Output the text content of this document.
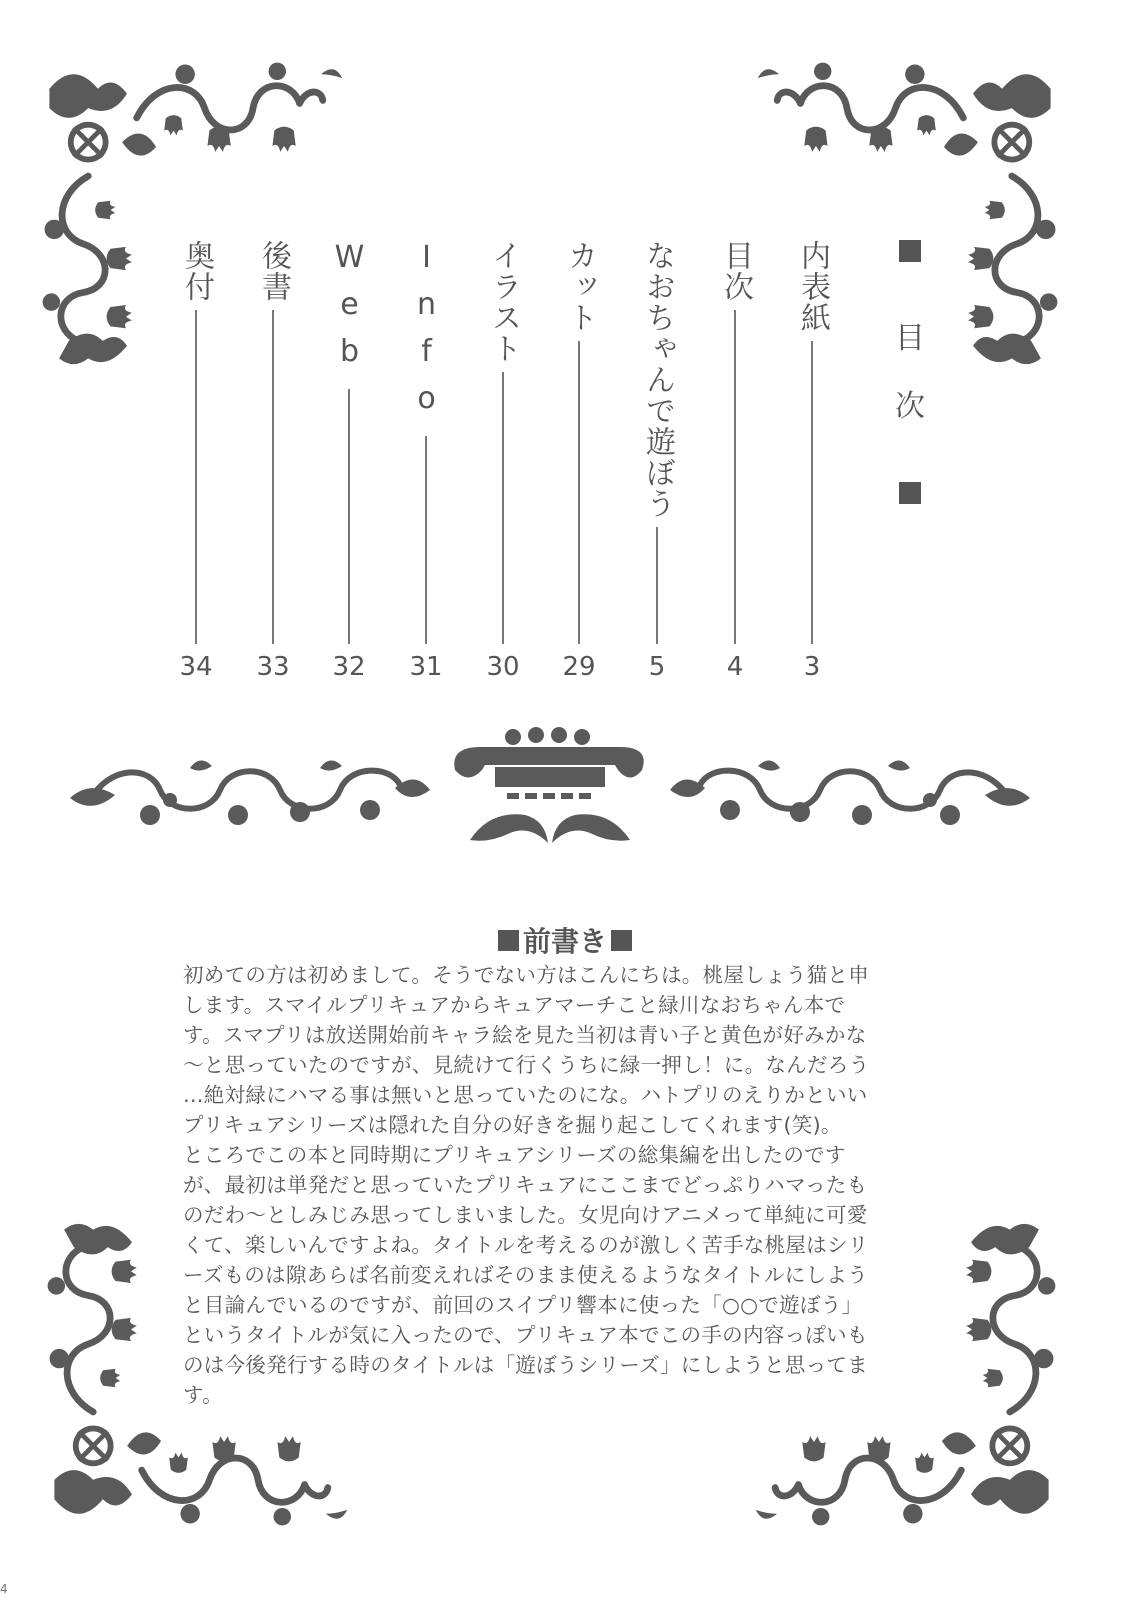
目
次
内表紙
3
目次
4
なおちゃんで遊ぼう
5
カット
29
イラスト
30
Info
31
Web
32
後書
33
奥付
34
前書き
初めての方は初めまして。そうでない方はこんにちは。桃屋しょう猫と申
します。スマイルプリキュアからキュアマーチこと緑川なおちゃん本で
す。スマプリは放送開始前キャラ絵を見た当初は青い子と黄色が好みかな
～と思っていたのですが、見続けて行くうちに緑一押し！に。なんだろう
…絶対緑にハマる事は無いと思っていたのにな。ハトプリのえりかといい
プリキュアシリーズは隠れた自分の好きを掘り起こしてくれます(笑)。
ところでこの本と同時期にプリキュアシリーズの総集編を出したのです
が、最初は単発だと思っていたプリキュアにここまでどっぷりハマったも
のだわ～としみじみ思ってしまいました。女児向けアニメって単純に可愛
くて、楽しいんですよね。タイトルを考えるのが激しく苦手な桃屋はシリ
ーズものは隙あらば名前変えればそのまま使えるようなタイトルにしよう
と目論んでいるのですが、前回のスイプリ響本に使った「○○で遊ぼう」
というタイトルが気に入ったので、プリキュア本でこの手の内容っぽいも
のは今後発行する時のタイトルは「遊ぼうシリーズ」にしようと思ってま
す。
4
